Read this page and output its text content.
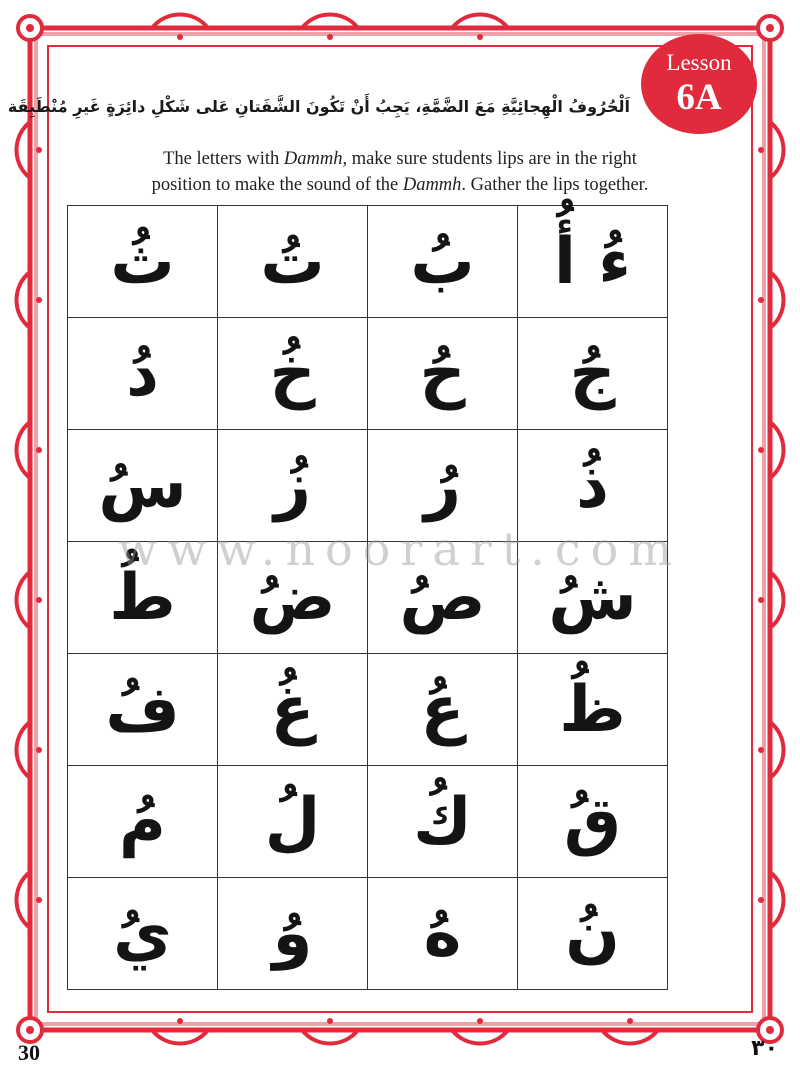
Lesson
6A
اَلْحُرُوفُ الْهِجائِيَّةِ مَعَ الضَّمَّةِ، يَجِبُ أَنْ تَكُونَ الشَّفَتانِ عَلى شَكْلِ دائِرَةٍ غَيرِ مُنْطَبِقَة
The letters with Dammh, make sure students lips are in the right
position to make the sound of the Dammh. Gather the lips together.
ثُ	تُ	بُ	ءُ أُ
دُ	خُ	حُ	جُ
سُ	زُ	رُ	ذُ
طُ	ضُ	صُ	شُ
فُ	غُ	عُ	ظُ
مُ	لُ	كُ	قُ
يُ	وُ	هُ	نُ
www.noorart.com
30	٣٠
